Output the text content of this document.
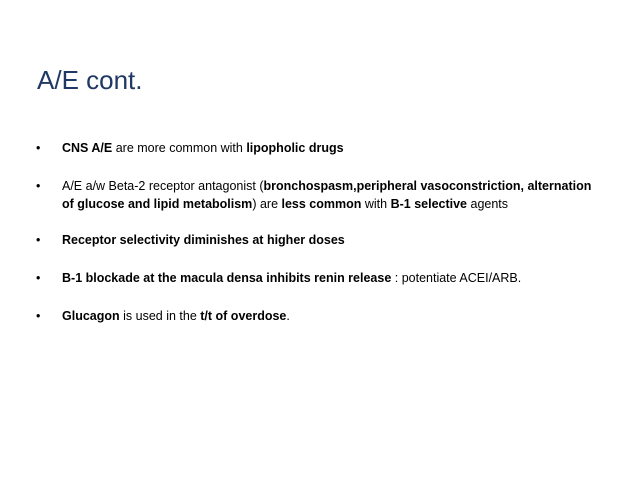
A/E cont.
•	CNS A/E are more common with lipopholic drugs
•	A/E a/w Beta-2 receptor antagonist (bronchospasm,peripheral vasoconstriction, alternation of glucose and lipid metabolism) are less common with B-1 selective agents
•	Receptor selectivity diminishes at higher doses
•	B-1 blockade at the macula densa inhibits renin release : potentiate ACEI/ARB.
•	Glucagon is used in the t/t of overdose.
